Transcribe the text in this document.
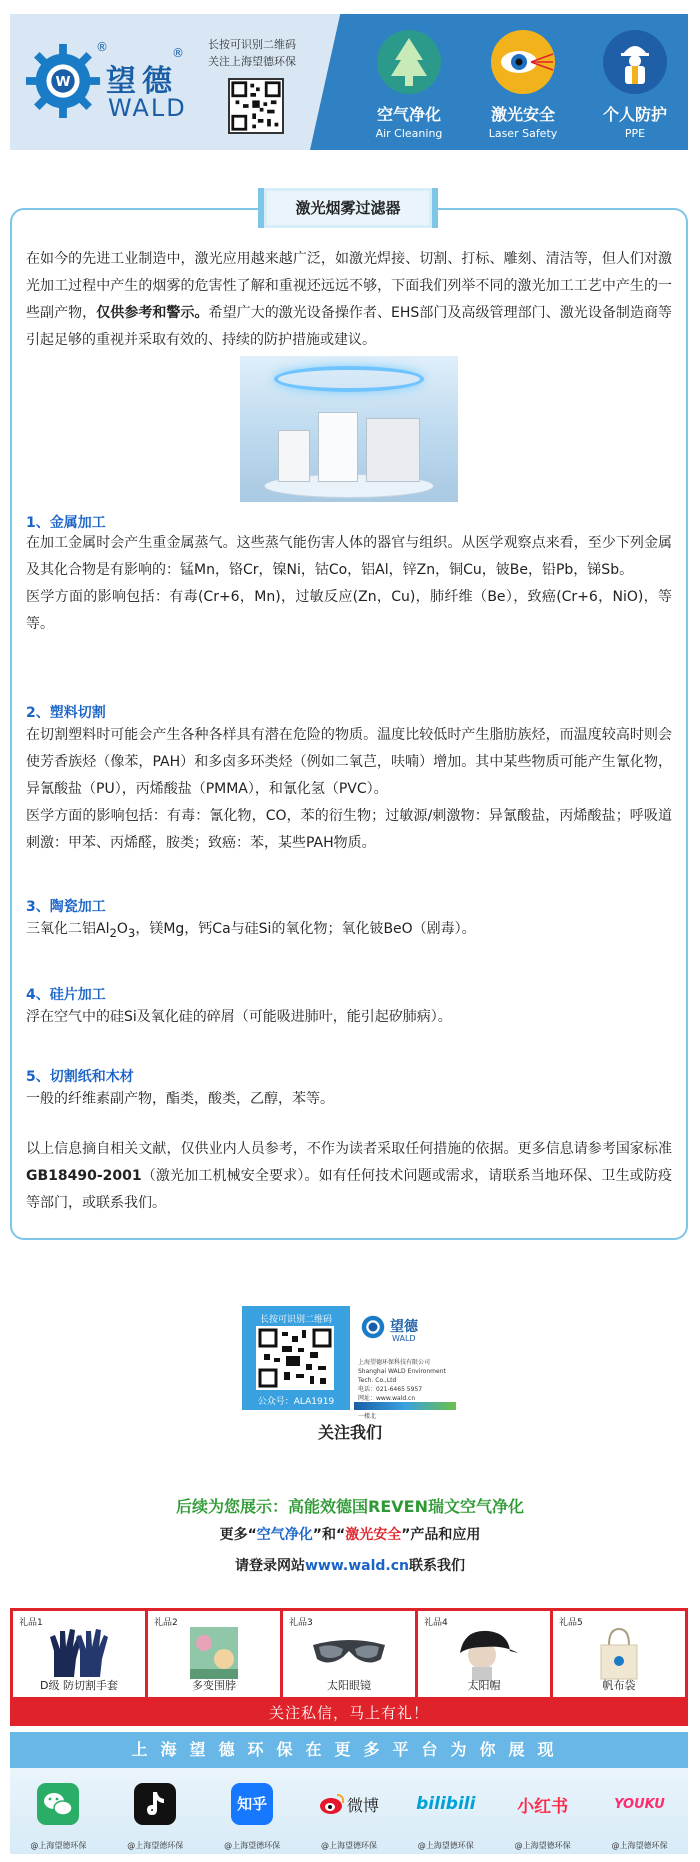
W 望德
®	®
WALD
长按可识别二维码
关注上海望德环保
空气净化
Air Cleaning
激光安全
Laser Safety
个人防护
PPE
激光烟雾过滤器
在如今的先进工业制造中，激光应用越来越广泛，如激光焊接、切割、打标、雕刻、清洁等，但人们对激光加工过程中产生的烟雾的危害性了解和重视还远远不够，下面我们列举不同的激光加工工艺中产生的一些副产物，仅供参考和警示。希望广大的激光设备操作者、EHS部门及高级管理部门、激光设备制造商等引起足够的重视并采取有效的、持续的防护措施或建议。
1、金属加工
在加工金属时会产生重金属蒸气。这些蒸气能伤害人体的器官与组织。从医学观察点来看，至少下列金属及其化合物是有影响的：锰Mn，铬Cr，镍Ni，钴Co，铝Al，锌Zn，铜Cu，铍Be，铅Pb，锑Sb。
医学方面的影响包括：有毒(Cr+6，Mn)，过敏反应(Zn，Cu)，肺纤维（Be），致癌(Cr+6，NiO)，等等。
2、塑料切割
在切割塑料时可能会产生各种各样具有潜在危险的物质。温度比较低时产生脂肪族烃，而温度较高时则会使芳香族烃（像苯，PAH）和多卤多环类烃（例如二氧芑，呋喃）增加。其中某些物质可能产生氰化物，异氰酸盐（PU），丙烯酸盐（PMMA），和氰化氢（PVC）。
医学方面的影响包括：有毒：氰化物，CO，苯的衍生物；过敏源/刺激物：异氰酸盐，丙烯酸盐；呼吸道刺激：甲苯、丙烯醛，胺类；致癌：苯，某些PAH物质。
3、陶瓷加工
三氧化二铝$Al_2O_3$，镁Mg，钙Ca与硅Si的氧化物；氧化铍BeO（剧毒）。
4、硅片加工
浮在空气中的硅Si及氧化硅的碎屑（可能吸进肺叶，能引起矽肺病）。
5、切割纸和木材
一般的纤维素副产物，酯类，酸类，乙醇，苯等。
以上信息摘自相关文献，仅供业内人员参考，不作为读者采取任何措施的依据。更多信息请参考国家标准GB18490-2001（激光加工机械安全要求）。如有任何技术问题或需求，请联系当地环保、卫生或防疫等部门，或联系我们。
长按可识别二维码
公众号：ALA1919
望德
WALD
上海望德环保科技有限公司
Shanghai WALD Environment Tech. Co.,Ltd
电话：021-6465 5957
网址：www.wald.cn
一楼北
关注我们
后续为您展示：高能效德国REVEN瑞文空气净化
更多“空气净化”和“激光安全”产品和应用
请登录网站www.wald.cn联系我们
礼品1
D级 防切割手套
礼品2
多变围脖
礼品3
太阳眼镜
礼品4
太阳帽
礼品5
帆布袋
关注私信，马上有礼！
上海望德环保在更多平台为你展现
@上海望德环保	@上海望德环保
知乎
@上海望德环保
微博
@上海望德环保
bilibili
@上海望德环保
小红书
@上海望德环保
YOUKU
@上海望德环保
